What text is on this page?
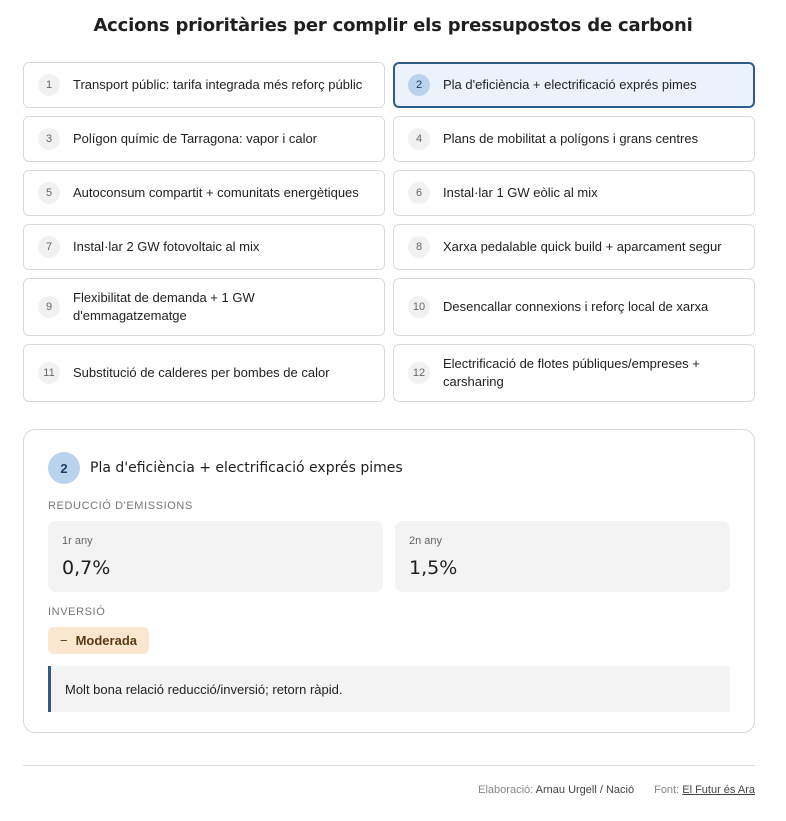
Accions prioritàries per complir els pressupostos de carboni
1	Transport públic: tarifa integrada més reforç públic	2	Pla d'eficiència + electrificació exprés pimes
3	Polígon químic de Tarragona: vapor i calor	4	Plans de mobilitat a polígons i grans centres
5	Autoconsum compartit + comunitats energètiques	6	Instal·lar 1 GW eòlic al mix
7	Instal·lar 2 GW fotovoltaic al mix	8	Xarxa pedalable quick build + aparcament segur
9
Flexibilitat de demanda + 1 GW d'emmagatzematge
10	Desencallar connexions i reforç local de xarxa
11	Substitució de calderes per bombes de calor	12
Electrificació de flotes públiques/empreses + carsharing
2	Pla d'eficiència + electrificació exprés pimes
REDUCCIÓ D'EMISSIONS
1r any
0,7%
2n any
1,5%
INVERSIÓ
− Moderada
Molt bona relació reducció/inversió; retorn ràpid.
Elaboració: Arnau Urgell / Nació Font: El Futur és Ara
